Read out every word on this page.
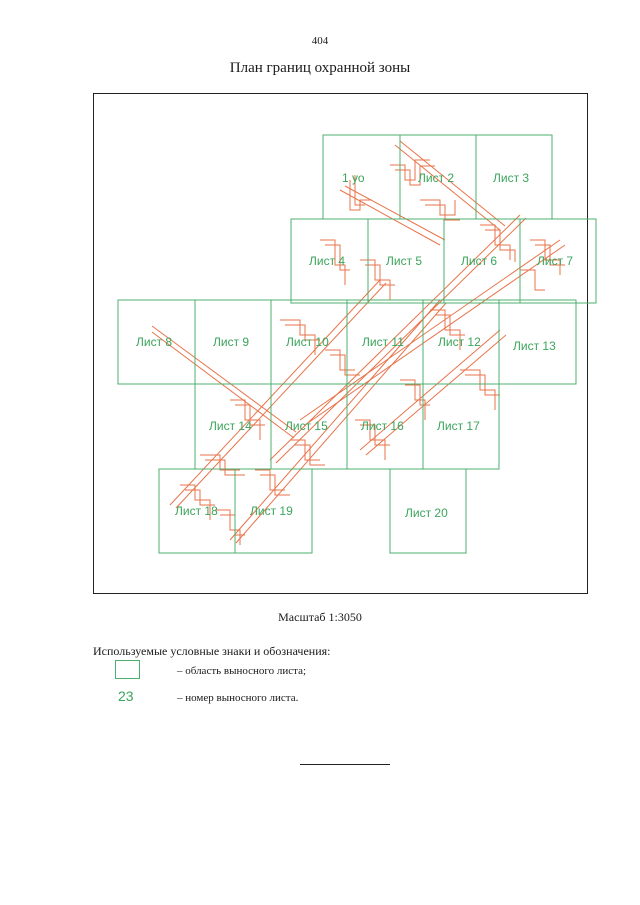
404
План границ охранной зоны
1 уо	Лист 2	Лист 3
Лист 4	Лист 5	Лист 6	Лист 7
Лист 8	Лист 9	Лист 10	Лист 11	Лист 12	Лист 13
Лист 14	Лист 15	Лист 16	Лист 17
Лист 18	Лист 19	Лист 20
Масштаб 1:3050
Используемые условные знаки и обозначения:
– область выносного листа;
23	– номер выносного листа.
